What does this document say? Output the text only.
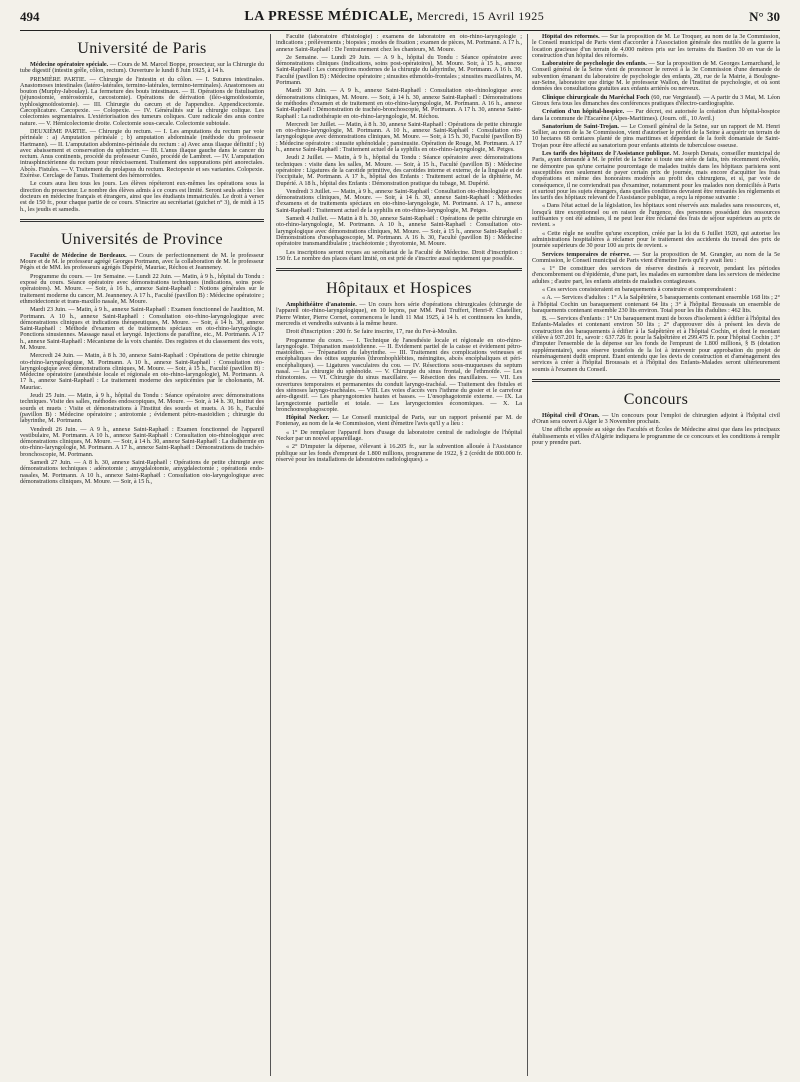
494	LA PRESSE MÉDICALE, Mercredi, 15 Avril 1925	N° 30
Université de Paris

Médecine opératoire spéciale. — Cours de M. Marcel Boppe, prosecteur, sur la Chirurgie du tube digestif (intestin grêle, côlon, rectum). Ouverture le lundi 8 Juin 1925, à 14 h.

PREMIÈRE PARTIE. — Chirurgie de l'intestin et du côlon. — I. Sutures intestinales. Anastomoses intestinales (latéro-latérales, termino-latérales, termino-terminales). Anastomoses au bouton (Murphy-Jaboulay). La fermeture des bouts intestinaux. — II. Opérations de fistulisation (jéjunostomie, entérostomie, cæcostomie). Opérations de dérivation (iléo-sigmoïdostomie, typhlosigmoïdostomie). — III. Chirurgie du cæcum et de l'appendice. Appendicectomie. Cæcoplicature. Cæcopexie. — Colopexie. — IV. Généralités sur la chirurgie colique. Les colectomies segmentaires. L'extériorisation des tumeurs coliques. Cure radicale des anus contre nature. — V. Hémicolectomie droite. Colectomie sous-cæcale. Colectomie subtotale.

DEUXIÈME PARTIE. — Chirurgie du rectum. — I. Les amputations du rectum par voie périnéale : a) Amputation périnéale ; b) amputation abdominale (méthode du professeur Hartmann). — II. L'amputation abdomino-périnéale du rectum : a) Avec anus iliaque définitif ; b) avec abaissement et conservation du sphincter. — III. L'anus iliaque gauche dans le cancer du rectum. Anus continents, procédé du professeur Cunéo, procédé de Lambret. — IV. L'amputation intrasphinctérienne du rectum pour rétrécissement. Traitement des suppurations péri anorectales. Abcès. Fistules. — V. Traitement du prolapsus du rectum. Rectopexie et ses variantes. Colopexie. Exérèse. Cerclage de l'anus. Traitement des hémorroïdes.

Le cours aura lieu tous les jours. Les élèves répéteront eux-mêmes les opérations sous la direction du prosecteur. Le nombre des élèves admis à ce cours est limité. Seront seuls admis : les docteurs en médecine français et étrangers, ainsi que les étudiants immatriculés. Le droit à verser est de 150 fr., pour chaque partie de ce cours. S'inscrire au secrétariat (guichet n° 3), de midi à 15 h., les jeudis et samedis.

Universités de Province

Faculté de Médecine de Bordeaux. — Cours de perfectionnement de M. le professeur Moure et de M. le professeur agrégé Georges Portmann, avec la collaboration de M. le professeur Pégès et de MM. les professeurs agrégés Dupérié, Mauriac, Réchou et Jeanneney.

Programme du cours. — 1re Semaine. — Lundi 22 Juin. — Matin, à 9 h., hôpital du Tondu : exposé du cours. Séance opératoire avec démonstrations techniques (indications, soins post-opératoires). M. Moure. — Soir, à 16 h., annexe Saint-Raphaël : Notions générales sur le traitement moderne du cancer, M. Jeanneney. A 17 h., Faculté (pavillon B) : Médecine opératoire ; ethmoïdectomie et trans-maxillo nasale, M. Moure.

Mardi 23 Juin. — Matin, à 9 h., annexe Saint-Raphaël : Examen fonctionnel de l'audition, M. Portmann. A 10 h., annexe Saint-Raphaël : Consultation oto-rhino-laryngologique avec démonstrations cliniques et indications thérapeutiques, M. Moure. — Soir, à 14 h. 30, annexe Saint-Raphaël : Méthode d'examen et de traitements spéciaux en oto-rhino-laryngologie. Ponctions sinusiennes. Massage nasal et laryngé. Injections de paraffine, etc., M. Portmann. A 17 h., annexe Saint-Raphaël : Mécanisme de la voix chantée. Des registres et du classement des voix, M. Moure.

Mercredi 24 Juin. — Matin, à 8 h. 30, annexe Saint-Raphaël : Opérations de petite chirurgie oto-rhino-laryngologique, M. Portmann. A 10 h., annexe Saint-Raphaël : Consultation oto-laryngologique avec démonstrations cliniques, M. Moure. — Soir, à 15 h., Faculté (pavillon B) : Médecine opératoire (anesthésie locale et régionale en oto-rhino-laryngologie), M. Portmann. A 17 h., annexe Saint-Raphaël : Le traitement moderne des septicémies par le cholonants, M. Mauriac.

Jeudi 25 Juin. — Matin, à 9 h., hôpital du Tondu : Séance opératoire avec démonstrations techniques. Visite des salles, méthodes endoscopiques, M. Moure. — Soir, à 14 h. 30, Institut des sourds et muets : Visite et démonstrations à l'Institut des sourds et muets. A 16 h., Faculté (pavillon B) : Médecine opératoire ; antrotomie ; évidement pétro-mastoïdien ; chirurgie du labyrinthe, M. Portmann.

Vendredi 26 Juin. — A 9 h., annexe Saint-Raphaël : Examen fonctionnel de l'appareil vestibulaire, M. Portmann. A 10 h., annexe Saint-Raphaël : Consultation oto-rhinologique avec démonstrations cliniques, M. Moure. — Soir, à 14 h. 30, annexe Saint-Raphaël : La diathermie en oto-rhino-laryngologie, M. Portmann. A 17 h., annexe Saint-Raphaël : Démonstrations de trachéo-bronchoscopie, M. Portmann.

Samedi 27 Juin. — A 8 h. 30, annexe Saint-Raphaël : Opérations de petite chirurgie avec démonstrations techniques : adénotomie ; amygdalotomie, amygdalectomie ; opérations endo-nasales, M. Portmann. A 10 h., annexe Saint-Raphaël : Consultation oto-laryngologique avec démonstrations cliniques, M. Moure. — Soir, à 15 h.,

Faculté (laboratoire d'histologie) : examens de laboratoire en oto-rhino-laryngologie ; indications ; prélèvements ; biopsies ; modes de fixation ; examen de pièces, M. Portmann. A 17 h., annexe Saint-Raphaël : De l'entrainement chez les chanteurs, M. Moure.

2e Semaine. — Lundi 29 Juin. — A 9 h., hôpital du Tondu : Séance opératoire avec démonstrations cliniques (indications, soins post-opératoires), M. Moure. Soir, à 15 h., annexe Saint-Raphaël : Les conceptions modernes de la chirurgie du labyrinthe, M. Portmann. A 16 h. 30, Faculté (pavillon B) : Médecine opératoire ; sinusites ethmoïdo-frontales ; sinusites maxillaires, M. Portmann.

Mardi 30 Juin. — A 9 h., annexe Saint-Raphaël : Consultation oto-rhinologique avec démonstrations cliniques, M. Moure. — Soir, à 14 h. 30, annexe Saint-Raphaël : Démonstrations de méthodes d'examen et de traitement en oto-rhino-laryngologie, M. Portmann. A 16 h., annexe Saint-Raphaël : Démonstration de trachéo-bronchoscopie, M. Portmann. A 17 h. 30, annexe Saint-Raphaël : La radiothérapie en oto-rhino-laryngologie, M. Réchou.

Mercredi 1er Juillet. — Matin, à 8 h. 30, annexe Saint-Raphaël : Opérations de petite chirurgie en oto-rhino-laryngologie, M. Portmann. A 10 h., annexe Saint-Raphaël : Consultation oto-laryngologique avec démonstrations cliniques, M. Moure. — Soir, à 15 h. 30, Faculté (pavillon B) : Médecine opératoire : sinusite sphénoïdale ; pansinusite. Opération de Rouge, M. Portmann. A 17 h., annexe Saint-Raphaël : Traitement actuel de la syphilis en oto-rhino-laryngologie, M. Petges.

Jeudi 2 Juillet. — Matin, à 9 h., hôpital du Tondu : Séance opératoire avec démonstrations techniques : visite dans les salles, M. Moure. — Soir, à 15 h., Faculté (pavillon B) : Médecine opératoire : Ligatures de la carotide primitive, des carotides interne et externe, de la linguale et de l'occipitale, M. Portmann. A 17 h., hôpital des Enfants : Traitement actuel de la diphtérie, M. Dupérié. A 18 h., hôpital des Enfants : Démonstration pratique du tubage, M. Dupérié.

Vendredi 3 Juillet. — Matin, à 9 h., annexe Saint-Raphaël : Consultation oto-rhinologique avec démonstrations cliniques, M. Moure. — Soir, à 14 h. 30, annexe Saint-Raphaël : Méthodes d'examens et de traitements spéciaux en oto-rhino-laryngologie, M. Portmann. A 17 h., annexe Saint-Raphaël : Traitement actuel de la syphilis en oto-rhino-laryngologie, M. Petges.

Samedi 4 Juillet. — Matin à 8 h. 30, annexe Saint-Raphaël : Opérations de petite chirurgie en oto-rhino-laryngologie, M. Portmann. A 10 h., annexe Saint-Raphaël : Consultation oto-laryngologique avec démonstrations cliniques, M. Moure. — Soir, à 15 h., annexe Saint-Raphaël : Démonstrations d'œsophagoscopie, M. Portmann. A 16 h. 30, Faculté (pavillon B) : Médecine opératoire transmandibulaire ; trachéotomie ; thyrotomie, M. Moure.

Les inscriptions seront reçues au secrétariat de la Faculté de Médecine. Droit d'inscription : 150 fr. Le nombre des places étant limité, on est prié de s'inscrire aussi rapidement que possible.

Hôpitaux et Hospices

Amphithéâtre d'anatomie. — Un cours hors série d'opérations chirurgicales (chirurgie de l'appareil oto-rhino-laryngologique), en 10 leçons, par MM. Paul Truffert, Henri-P. Chatellier, Pierre Winter, Pierre Cornet, commencera le lundi 11 Mai 1925, à 14 h. et continuera les lundis, mercredis et vendredis suivants à la même heure.

Droit d'inscription : 200 fr. Se faire inscrire, 17, rue du Fer-à-Moulin.

Programme du cours. — I. Technique de l'anesthésie locale et régionale en oto-rhino-laryngologie. Trépanation mastoïdienne. — II. Évidement partiel de la caisse et évidement pétro-mastoïdien. — Trépanation du labyrinthe. — III. Traitement des complications veineuses et encéphaliques des otites suppurées (thrombophlébites, méningites, abcès encéphaliques et péri-encéphaliques). — Ligatures vasculaires du cou. — IV. Résections sous-muqueuses du septum nasal. — La chirurgie du sphénoïde. — V. Chirurgie du sinus frontal, de l'ethmoïde. — Les rhinotomies. — VI. Chirurgie du sinus maxillaire. — Résection des maxillaires. — VII. Les ouvertures temporaires et permanentes du conduit laryngo-trachéal. — Traitement des fistules et des sténoses laryngo-trachéales. — VIII. Les voies d'accès vers l'isthme du gosier et le carrefour aéro-digestif. — Les pharyngotomies hautes et basses. — L'œsophagotomie externe. — IX. La laryngectomie partielle et totale. — Les laryngectomies économiques. — X. La bronchoœsophagoscopie.

Hôpital Necker. — Le Conseil municipal de Paris, sur un rapport présenté par M. de Fontenay, au nom de la 4e Commission, vient d'émettre l'avis qu'il y a lieu :

« 1° De remplacer l'appareil hors d'usage du laboratoire central de radiologie de l'hôpital Necker par un nouvel appareillage.

« 2° D'imputer la dépense, s'élevant à 16.205 fr., sur la subvention allouée à l'Assistance publique sur les fonds d'emprunt de 1.800 millions, programme de 1922, § 2 (crédit de 800.000 fr. réservé pour les installations de laboratoires radiologiques). »

Hôpital des réformés. — Sur la proposition de M. Le Troquer, au nom de la 3e Commission, le Conseil municipal de Paris vient d'accorder à l'Association générale des mutilés de la guerre la location gracieuse d'un terrain de 4.000 mètres pris sur les terrains du Bastion 30 en vue de la construction d'un hôpital des réformés.

Laboratoire de psychologie des enfants. — Sur la proposition de M. Georges Lemarchand, le Conseil général de la Seine vient de prononcer le renvoi à la 3e Commission d'une demande de subvention émanant du laboratoire de psychologie des enfants, 28, rue de la Mairie, à Boulogne-sur-Seine, laboratoire que dirige M. le professeur Wallon, de l'Institut de psychologie, et où sont données des consultations gratuites aux enfants arriérés ou nerveux.

Clinique chirurgicale du Maréchal Foch (60, rue Vergniaud). — A partir du 3 Mai, M. Léon Giroux fera tous les dimanches des conférences pratiques d'électro-cardiographie.

Création d'un hôpital-hospice. — Par décret, est autorisée la création d'un hôpital-hospice dans la commune de l'Escarène (Alpes-Maritimes). (Journ. off., 10 Avril.)

Sanatorium de Saint-Trojan. — Le Conseil général de la Seine, sur un rapport de M. Henri Sellier, au nom de la 3e Commission, vient d'autoriser le préfet de la Seine à acquérir un terrain de 10 hectares 68 centiares planté de pins maritimes et dépendant de la forêt domaniale de Saint-Trojan pour être affecté au sanatorium pour enfants atteints de tuberculose osseuse.

Les tarifs des hôpitaux de l'Assistance publique. M. Joseph Denais, conseiller municipal de Paris, ayant demandé à M. le préfet de la Seine si toute une série de faits, très récemment révélés, ne démontre pas qu'une certaine pourcentage de malades traités dans les hôpitaux parisiens sont susceptibles non seulement de payer certain prix de journée, mais encore d'acquitter les frais d'opérations et même des honoraires modérés au profit des chirurgiens, et si, par voie de conséquence, il ne conviendrait pas d'examiner, notamment pour les malades non domiciliés à Paris et surtout pour les sujets étrangers, dans quelles conditions devraient être remaniés les règlements et les tarifs des hôpitaux relevant de l'Assistance publique, a reçu la réponse suivante :

« Dans l'état actuel de la législation, les hôpitaux sont réservés aux malades sans ressources, et, lorsqu'à titre exceptionnel ou en raison de l'urgence, des personnes possédant des ressources suffisantes y ont été admises, il ne peut leur être réclamé des frais de séjour supérieurs au prix de revient. »

« Cette règle ne souffre qu'une exception, créée par la loi du 6 Juillet 1920, qui autorise les administrations hospitalières à réclamer pour le traitement des accidents du travail des prix de journée supérieurs de 30 pour 100 au prix de revient. »

Services temporaires de réserve. — Sur la proposition de M. Grangier, au nom de la 5e Commission, le Conseil municipal de Paris vient d'émettre l'avis qu'il y avait lieu :

« 1° De constituer des services de réserve destinés à recevoir, pendant les périodes d'encombrement ou d'épidémie, d'une part, les malades en surnombre dans les services de médecine adultes ; d'autre part, les enfants atteints de maladies contagieuses.

« Ces services consisteraient en baraquements à construire et comprendraient :

« A. — Services d'adultes : 1° A la Salpêtrière, 5 baraquements contenant ensemble 168 lits ; 2° à l'hôpital Cochin un baraquement contenant 64 lits ; 3° à l'hôpital Broussais un ensemble de baraquements contenant ensemble 230 lits environ. Total pour les lits d'adultes : 462 lits.

B. — Services d'enfants : 1° Un baraquement muni de boxes d'isolement à édifier à l'hôpital des Enfants-Malades et contenant environ 50 lits ; 2° d'approuver dès à présent les devis de construction des baraquements à édifier à la Salpêtrière et à l'hôpital Cochin, et dont le montant s'élève à 937.201 fr., savoir : 637.726 fr. pour la Salpêtrière et 299.475 fr. pour l'hôpital Cochin ; 3° d'imputer l'ensemble de la dépense sur les fonds de l'emprunt de 1.800 millions, § B (dotation supplémentaire), sous réserve toutefois de la loi à intervenir pour approbation du projet de réaménagement dudit emprunt. Étant entendu que les devis de construction et d'aménagement des services à créer à l'hôpital Broussais et à l'hôpital des Enfants-Malades seront ultérieurement soumis à l'examen du Conseil.

Concours

Hôpital civil d'Oran. — Un concours pour l'emploi de chirurgien adjoint à l'hôpital civil d'Oran sera ouvert à Alger le 3 Novembre prochain.

Une affiche apposée au siège des Facultés et Écoles de Médecine ainsi que dans les principaux établissements et villes d'Algérie indiquera le programme de ce concours et les conditions à remplir pour y prendre part.
